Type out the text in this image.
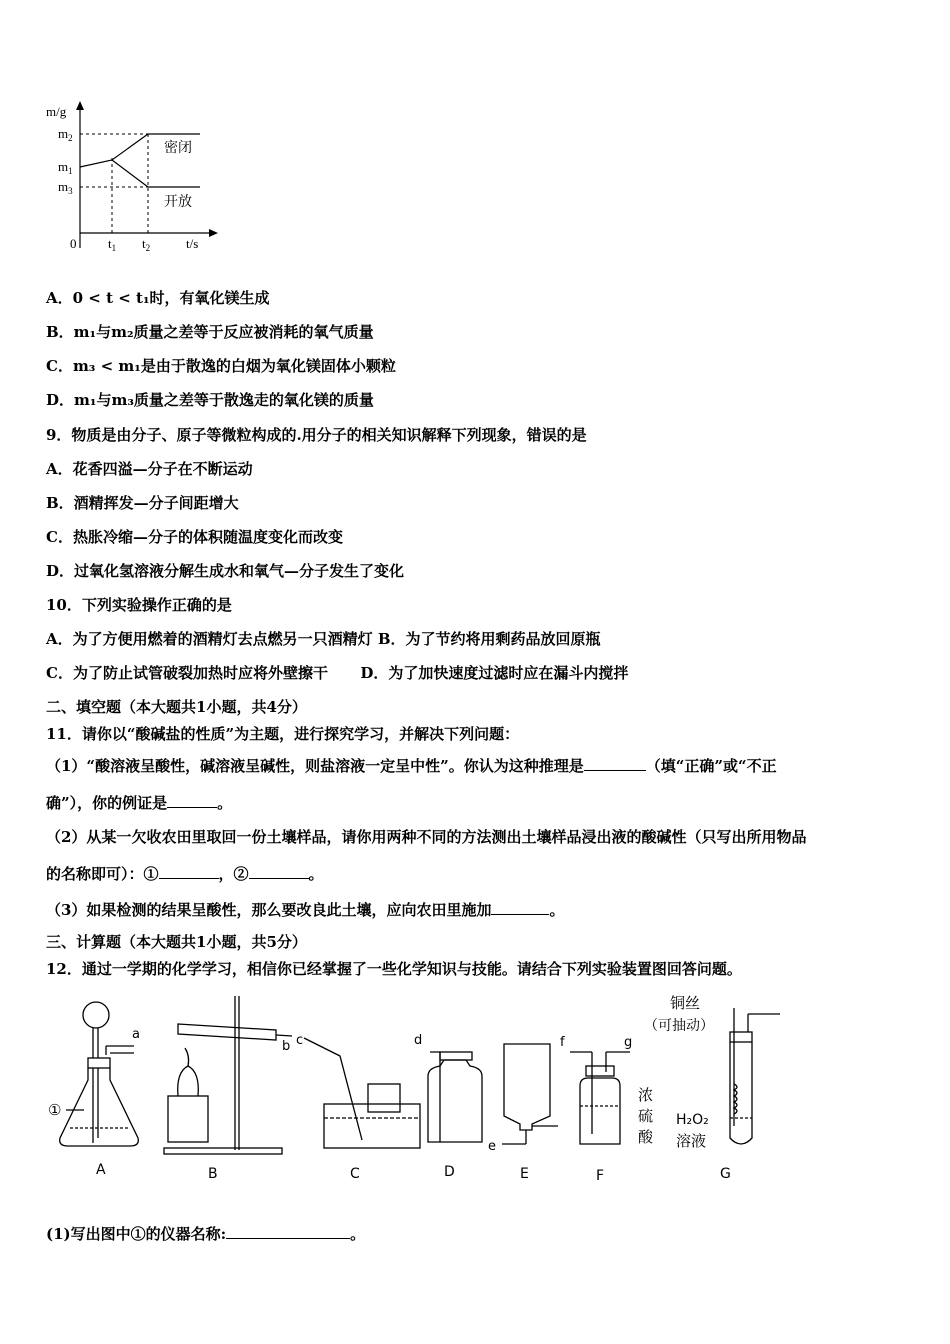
m/g
0
$m_2$
$m_1$
$m_3$
密闭
开放
$t_1$ $t_2$	t/s
A．0 < t < t₁时，有氧化镁生成
B．m₁与m₂质量之差等于反应被消耗的氧气质量
C．m₃ < m₁是由于散逸的白烟为氧化镁固体小颗粒
D．m₁与m₃质量之差等于散逸走的氧化镁的质量
9．物质是由分子、原子等微粒构成的.用分子的相关知识解释下列现象，错误的是
A．花香四溢—分子在不断运动
B．酒精挥发—分子间距增大
C．热胀冷缩—分子的体积随温度变化而改变
D．过氧化氢溶液分解生成水和氧气—分子发生了变化
10．下列实验操作正确的是
A．为了方便用燃着的酒精灯去点燃另一只酒精灯 B．为了节约将用剩药品放回原瓶
C．为了防止试管破裂加热时应将外壁擦干 D．为了加快速度过滤时应在漏斗内搅拌
二、填空题（本大题共1小题，共4分）
11．请你以“酸碱盐的性质”为主题，进行探究学习，并解决下列问题：
（1）“酸溶液呈酸性，碱溶液呈碱性，则盐溶液一定呈中性”。你认为这种推理是	（填“正确”或“不正
确”），你的例证是	。
（2）从某一欠收农田里取回一份土壤样品，请你用两种不同的方法测出土壤样品浸出液的酸碱性（只写出所用物品
的名称即可）：①	，②	。
（3）如果检测的结果呈酸性，那么要改良此土壤，应向农田里施加	。
三、计算题（本大题共1小题，共5分）
12．通过一学期的化学学习，相信你已经掌握了一些化学知识与技能。请结合下列实验装置图回答问题。
a
①
A
b
B
c
C
d
D
e
E
f	g
浓
硫
酸
F
铜丝
（可抽动）
H₂O₂
溶液
G
(1)写出图中①的仪器名称:	。
